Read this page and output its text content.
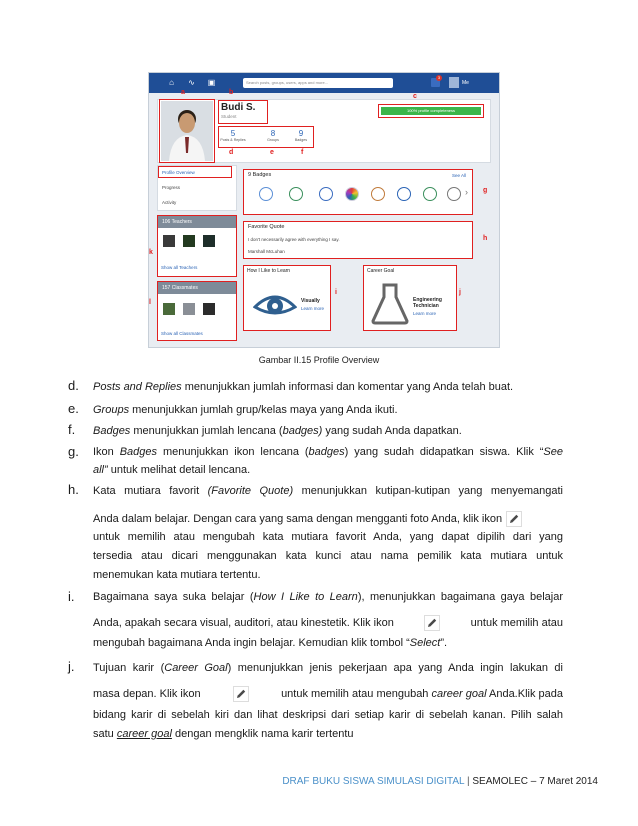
⌂ ∿ ▣	Search posts, groups, users, apps and more...
3
Me
a
Budi S.
Student
b
100% profile completeness
c
5
Posts & Replies
8
Groups
9
Badges
d	e	f
Profile Overview
Progress
Activity
106 Teachers
Show all Teachers
k
157 Classmates
Show all Classmates
l
9 Badges	See All
› g
Favorite Quote
I don't necessarily agree with everything I say.
Marshall McLuhan
h
How I Like to Learn
Visually
Learn more
i
Career Goal
Engineering Technician
Learn more
j
Gambar II.15 Profile Overview
d. Posts and Replies menunjukkan jumlah informasi dan komentar yang Anda telah buat.
e. Groups menunjukkan jumlah grup/kelas maya yang Anda ikuti.
f. Badges menunjukkan jumlah lencana (badges) yang sudah Anda dapatkan.
g. Ikon Badges menunjukkan ikon lencana (badges) yang sudah didapatkan siswa. Klik “See
all” untuk melihat detail lencana.
h. Kata mutiara favorit (Favorite Quote) menunjukkan kutipan-kutipan yang menyemangati
Anda dalam belajar. Dengan cara yang sama dengan mengganti foto Anda, klik ikon
untuk memilih atau mengubah kata mutiara favorit Anda, yang dapat dipilih dari yang
tersedia atau dicari menggunakan kata kunci atau nama pemilik kata mutiara untuk
menemukan kata mutiara tertentu.
i. Bagaimana saya suka belajar (How I Like to Learn), menunjukkan bagaimana gaya belajar
Anda, apakah secara visual, auditori, atau kinestetik. Klik ikon	untuk memilih atau
mengubah bagaimana Anda ingin belajar. Kemudian klik tombol “Select”.
j. Tujuan karir (Career Goal) menunjukkan jenis pekerjaan apa yang Anda ingin lakukan di
masa depan. Klik ikon	untuk memilih atau mengubah career goal Anda.Klik pada
bidang karir di sebelah kiri dan lihat deskripsi dari setiap karir di sebelah kanan. Pilih salah
satu career goal dengan mengklik nama karir tertentu
DRAF BUKU SISWA SIMULASI DIGITAL | SEAMOLEC – 7 Maret 2014
